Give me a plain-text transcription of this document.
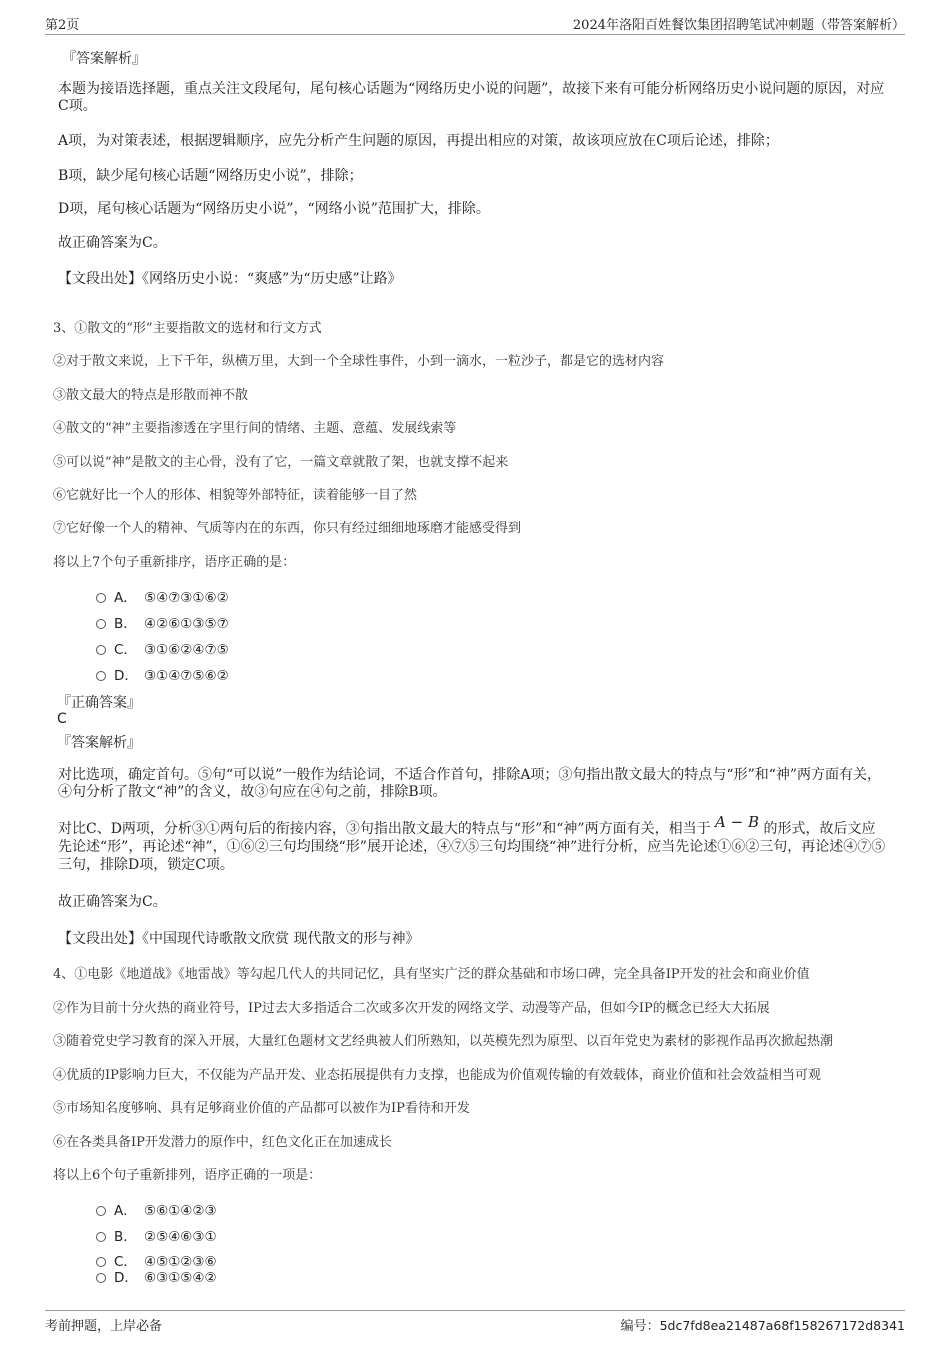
第2页	2024年洛阳百姓餐饮集团招聘笔试冲刺题（带答案解析）
『答案解析』
本题为接语选择题，重点关注文段尾句，尾句核心话题为“网络历史小说的问题”，故接下来有可能分析网络历史小说问题的原因，对应C项。
A项，为对策表述，根据逻辑顺序，应先分析产生问题的原因，再提出相应的对策，故该项应放在C项后论述，排除；
B项，缺少尾句核心话题“网络历史小说”，排除；
D项，尾句核心话题为“网络历史小说”，“网络小说”范围扩大，排除。
故正确答案为C。
【文段出处】《网络历史小说：“爽感”为“历史感”让路》
3、①散文的“形”主要指散文的选材和行文方式
②对于散文来说，上下千年，纵横万里，大到一个全球性事件，小到一滴水，一粒沙子，都是它的选材内容
③散文最大的特点是形散而神不散
④散文的“神”主要指渗透在字里行间的情绪、主题、意蕴、发展线索等
⑤可以说“神”是散文的主心骨，没有了它，一篇文章就散了架，也就支撑不起来
⑥它就好比一个人的形体、相貌等外部特征，读着能够一目了然
⑦它好像一个人的精神、气质等内在的东西，你只有经过细细地琢磨才能感受得到
将以上7个句子重新排序，语序正确的是：
A． ⑤④⑦③①⑥②
B． ④②⑥①③⑤⑦
C． ③①⑥②④⑦⑤
D． ③①④⑦⑤⑥②
『正确答案』
C
『答案解析』
对比选项，确定首句。⑤句“可以说”一般作为结论词，不适合作首句，排除A项；③句指出散文最大的特点与“形”和“神”两方面有关，④句分析了散文“神”的含义，故③句应在④句之前，排除B项。
对比C、D两项，分析③①两句后的衔接内容，③句指出散文最大的特点与“形”和“神”两方面有关，相当于 A − B 的形式，故后文应先论述“形”，再论述“神”，①⑥②三句均围绕“形”展开论述，④⑦⑤三句均围绕“神”进行分析，应当先论述①⑥②三句，再论述④⑦⑤三句，排除D项，锁定C项。
故正确答案为C。
【文段出处】《中国现代诗歌散文欣赏 现代散文的形与神》
4、①电影《地道战》《地雷战》等勾起几代人的共同记忆，具有坚实广泛的群众基础和市场口碑，完全具备IP开发的社会和商业价值
②作为目前十分火热的商业符号，IP过去大多指适合二次或多次开发的网络文学、动漫等产品，但如今IP的概念已经大大拓展
③随着党史学习教育的深入开展，大量红色题材文艺经典被人们所熟知，以英模先烈为原型、以百年党史为素材的影视作品再次掀起热潮
④优质的IP影响力巨大，不仅能为产品开发、业态拓展提供有力支撑，也能成为价值观传输的有效载体，商业价值和社会效益相当可观
⑤市场知名度够响、具有足够商业价值的产品都可以被作为IP看待和开发
⑥在各类具备IP开发潜力的原作中，红色文化正在加速成长
将以上6个句子重新排列，语序正确的一项是：
A． ⑤⑥①④②③
B． ②⑤④⑥③①
C． ④⑤①②③⑥
D． ⑥③①⑤④②
考前押题，上岸必备	编号：5dc7fd8ea21487a68f158267172d8341
